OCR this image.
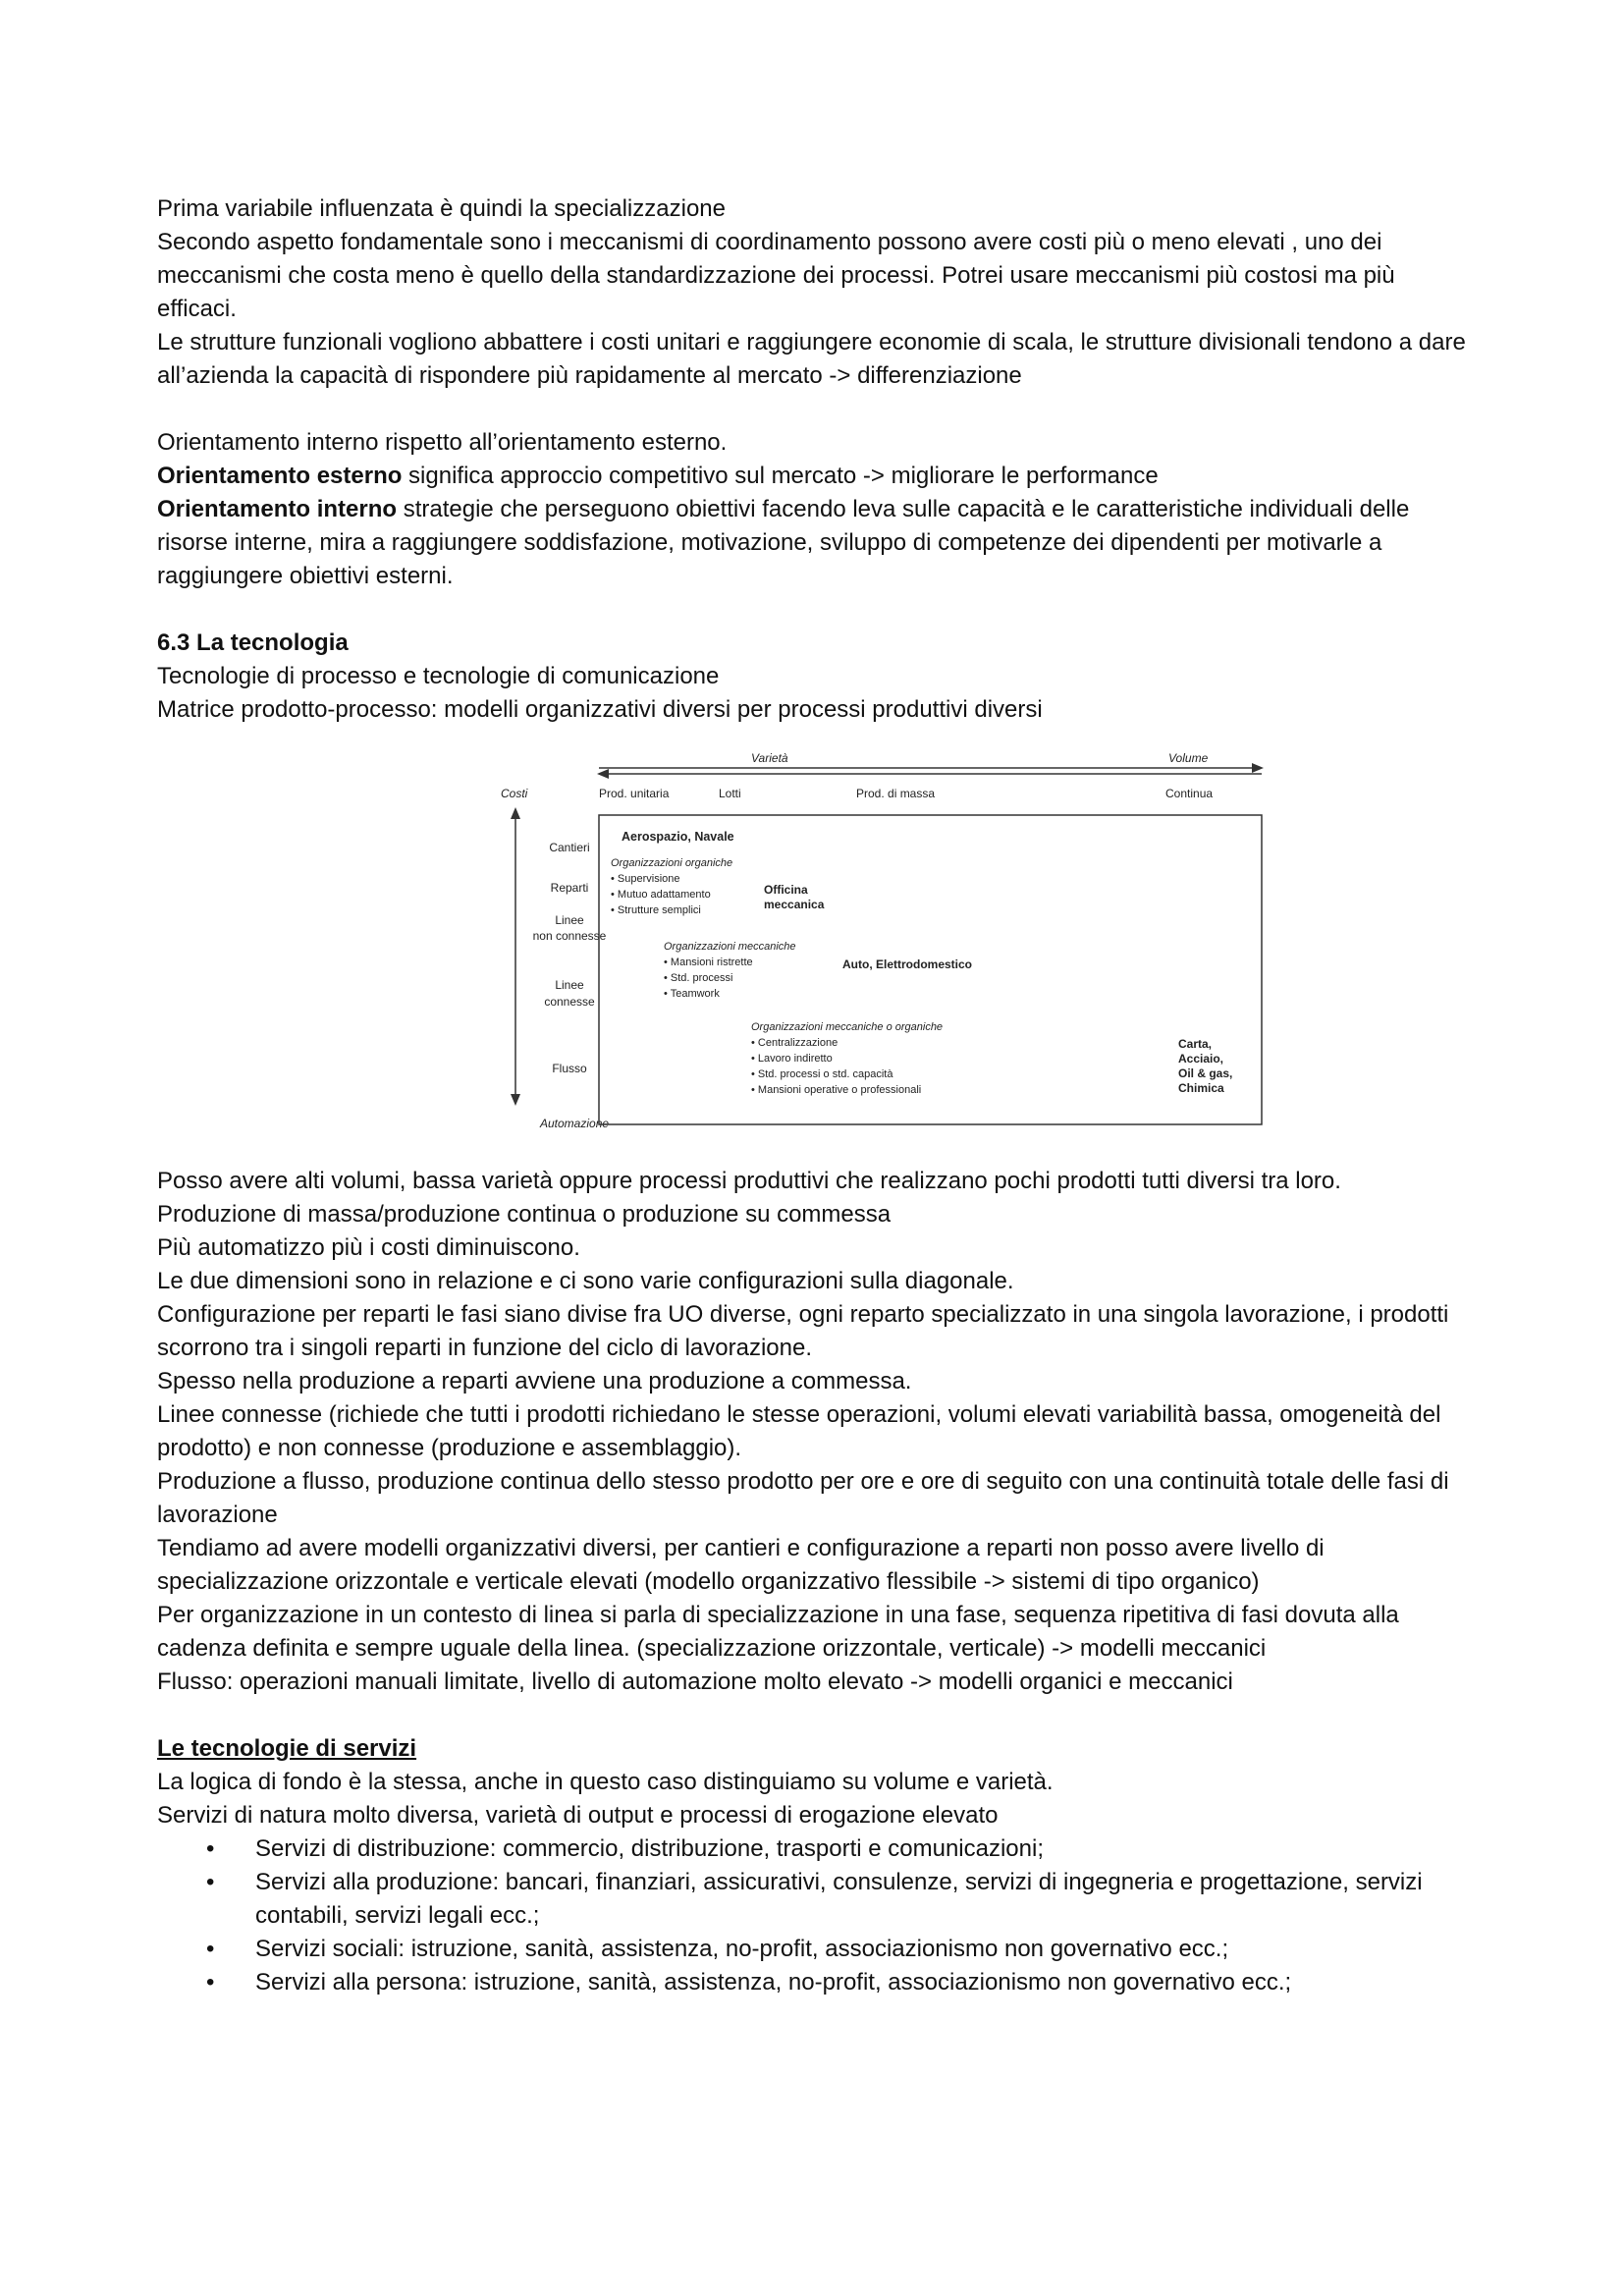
Prima variabile influenzata è quindi la specializzazione

Secondo aspetto fondamentale sono i meccanismi di coordinamento possono avere costi più o meno elevati , uno dei meccanismi che costa meno è quello della standardizzazione dei processi. Potrei usare meccanismi più costosi ma più efficaci.

Le strutture funzionali vogliono abbattere i costi unitari e raggiungere economie di scala, le strutture divisionali tendono a dare all’azienda la capacità di rispondere più rapidamente al mercato -> differenziazione

Orientamento interno rispetto all’orientamento esterno.

Orientamento esterno significa approccio competitivo sul mercato -> migliorare le performance

Orientamento interno strategie che perseguono obiettivi facendo leva sulle capacità e le caratteristiche individuali delle risorse interne, mira a raggiungere soddisfazione, motivazione, sviluppo di competenze dei dipendenti per motivarle a raggiungere obiettivi esterni.

6.3 La tecnologia

Tecnologie di processo e tecnologie di comunicazione

Matrice prodotto-processo: modelli organizzativi diversi per processi produttivi diversi

Varietà	Volume
Costi	Prod. unitaria	Lotti	Prod. di massa	Continua
Automazione
Cantieri
Reparti
Linee
non connesse
Linee
connesse
Flusso
Aerospazio, Navale
Organizzazioni organiche
• Supervisione
• Mutuo adattamento
• Strutture semplici
Officina
meccanica
Organizzazioni meccaniche
• Mansioni ristrette
• Std. processi
• Teamwork
Auto, Elettrodomestico
Organizzazioni meccaniche o organiche
• Centralizzazione
• Lavoro indiretto
• Std. processi o std. capacità
• Mansioni operative o professionali
Carta,
Acciaio,
Oil & gas,
Chimica

Posso avere alti volumi, bassa varietà oppure processi produttivi che realizzano pochi prodotti tutti diversi tra loro.

Produzione di massa/produzione continua o produzione su commessa

Più automatizzo più i costi diminuiscono.

Le due dimensioni sono in relazione e ci sono varie configurazioni sulla diagonale.

Configurazione per reparti le fasi siano divise fra UO diverse, ogni reparto specializzato in una singola lavorazione, i prodotti scorrono tra i singoli reparti in funzione del ciclo di lavorazione.

Spesso nella produzione a reparti avviene una produzione a commessa.

Linee connesse (richiede che tutti i prodotti richiedano le stesse operazioni, volumi elevati variabilità bassa, omogeneità del prodotto) e non connesse (produzione e assemblaggio).

Produzione a flusso, produzione continua dello stesso prodotto per ore e ore di seguito con una continuità totale delle fasi di lavorazione

Tendiamo ad avere modelli organizzativi diversi, per cantieri e configurazione a reparti non posso avere livello di specializzazione orizzontale e verticale elevati (modello organizzativo flessibile -> sistemi di tipo organico)

Per organizzazione in un contesto di linea si parla di specializzazione in una fase, sequenza ripetitiva di fasi dovuta alla cadenza definita e sempre uguale della linea. (specializzazione orizzontale, verticale) -> modelli meccanici

Flusso: operazioni manuali limitate, livello di automazione molto elevato -> modelli organici e meccanici

Le tecnologie di servizi

La logica di fondo è la stessa, anche in questo caso distinguiamo su volume e varietà.

Servizi di natura molto diversa, varietà di output e processi di erogazione elevato

• Servizi di distribuzione: commercio, distribuzione, trasporti e comunicazioni;
• Servizi alla produzione: bancari, finanziari, assicurativi, consulenze, servizi di ingegneria e progettazione, servizi contabili, servizi legali ecc.;
• Servizi sociali: istruzione, sanità, assistenza, no-profit, associazionismo non governativo ecc.;
• Servizi alla persona: istruzione, sanità, assistenza, no-profit, associazionismo non governativo ecc.;
